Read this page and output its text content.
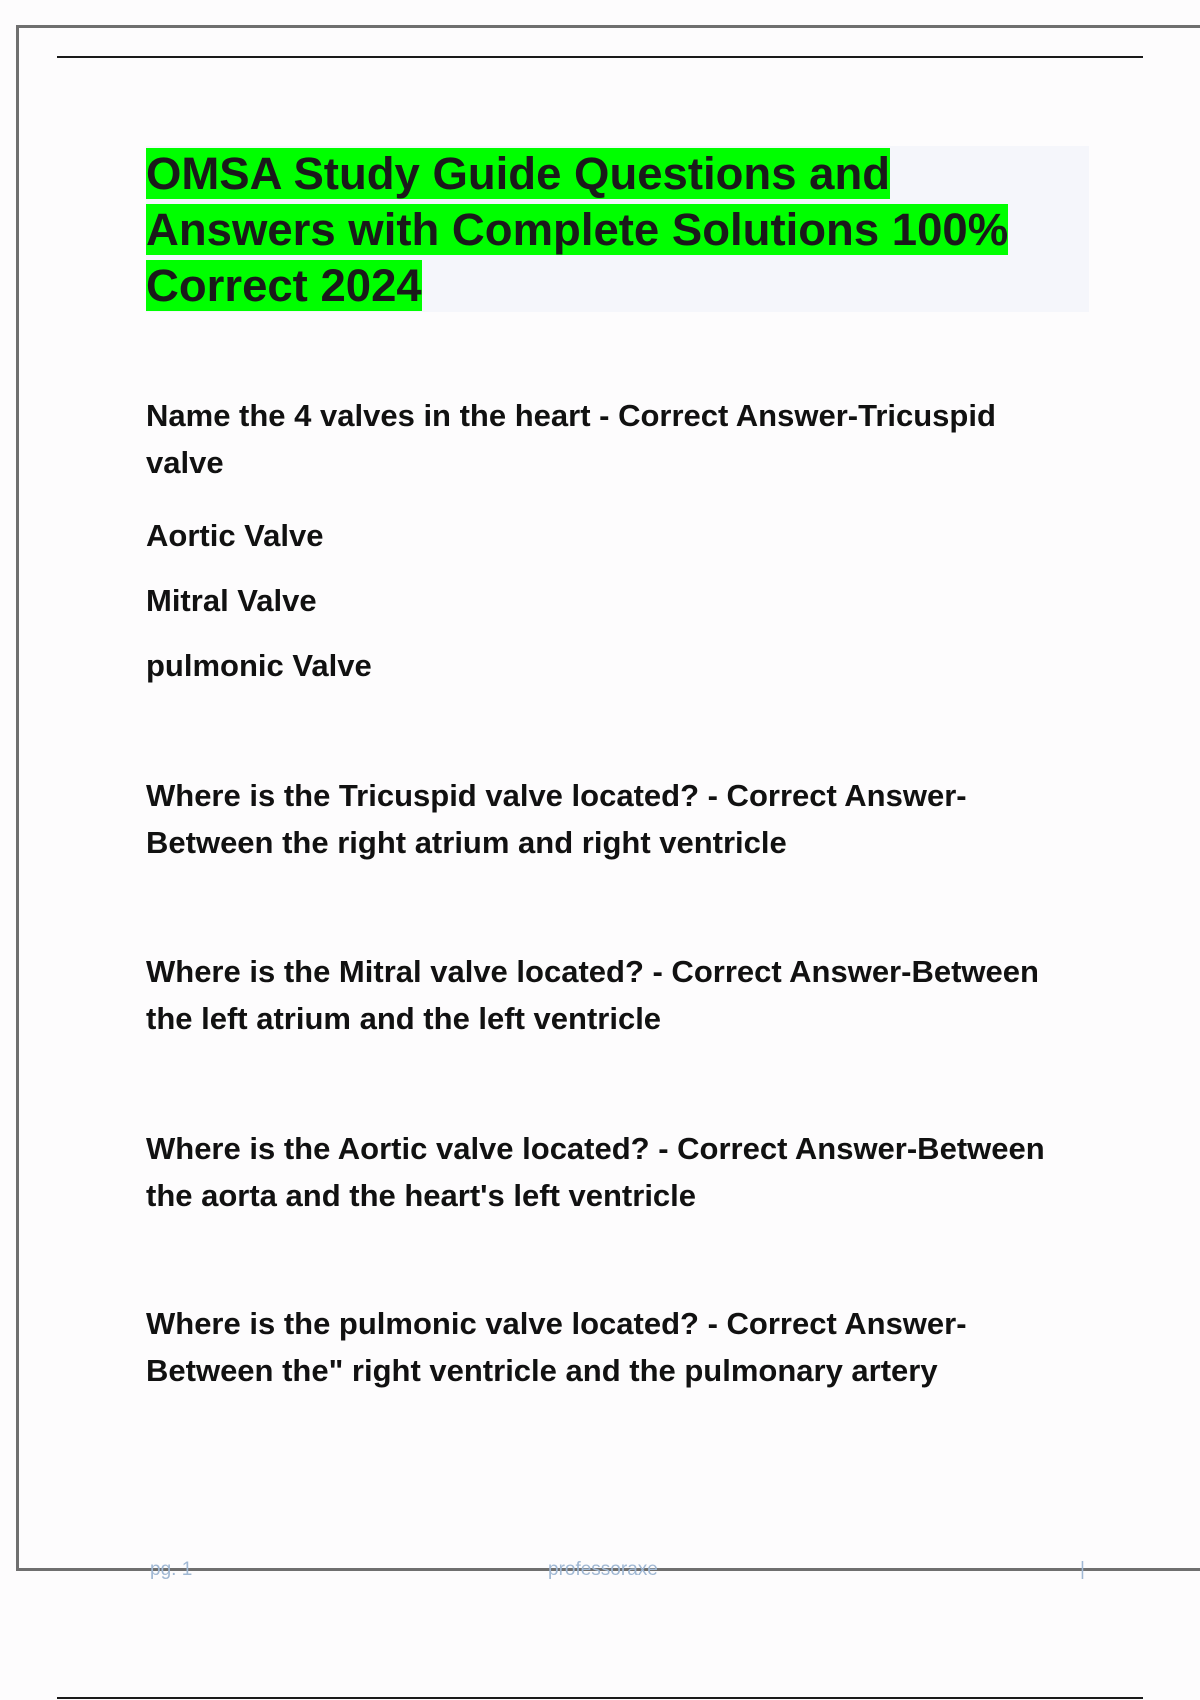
OMSA Study Guide Questions and
Answers with Complete Solutions 100%
Correct 2024

Name the 4 valves in the heart - Correct Answer-Tricuspid
valve

Aortic Valve

Mitral Valve

pulmonic Valve

Where is the Tricuspid valve located? - Correct Answer-
Between the right atrium and right ventricle

Where is the Mitral valve located? - Correct Answer-Between
the left atrium and the left ventricle

Where is the Aortic valve located? - Correct Answer-Between
the aorta and the heart's left ventricle

Where is the pulmonic valve located? - Correct Answer-
Between the" right ventricle and the pulmonary artery

pg. 1	professoraxe	|
